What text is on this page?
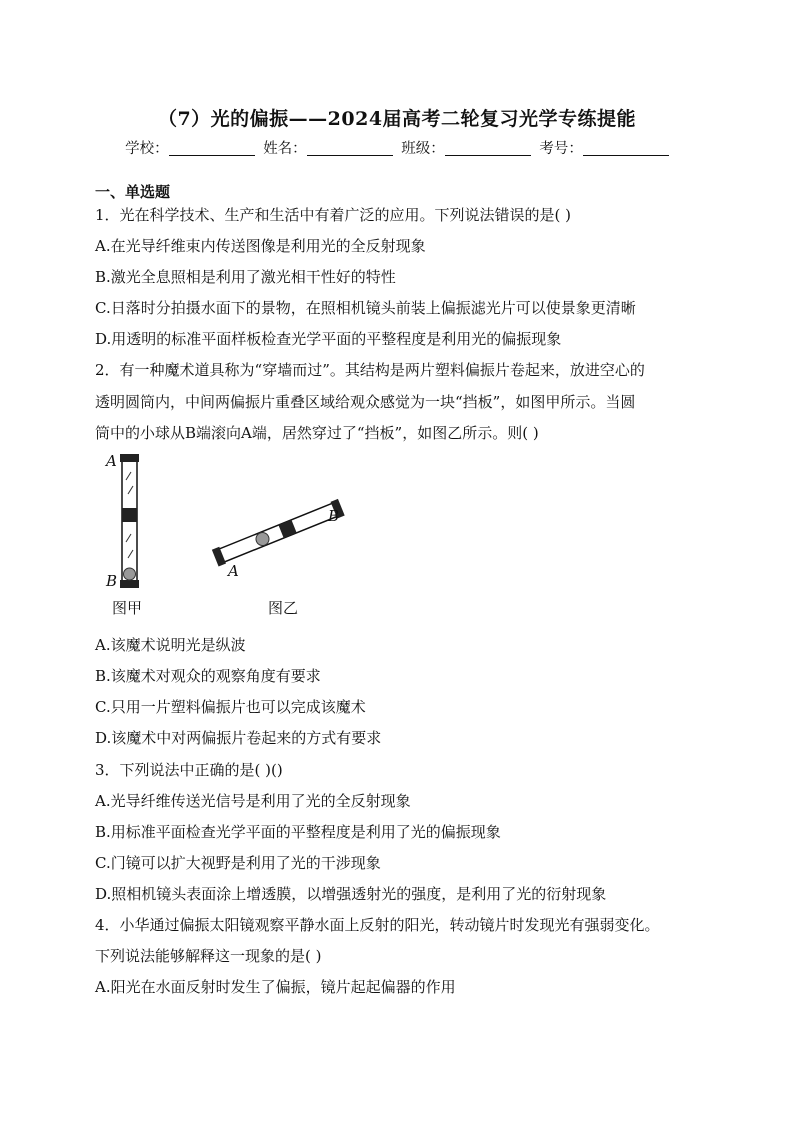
（7）光的偏振——2024届高考二轮复习光学专练提能
学校：	姓名：	班级：	考号：
一、单选题
1．光在科学技术、生产和生活中有着广泛的应用。下列说法错误的是( )
A.在光导纤维束内传送图像是利用光的全反射现象
B.激光全息照相是利用了激光相干性好的特性
C.日落时分拍摄水面下的景物，在照相机镜头前装上偏振滤光片可以使景象更清晰
D.用透明的标准平面样板检查光学平面的平整程度是利用光的偏振现象
2．有一种魔术道具称为“穿墙而过”。其结构是两片塑料偏振片卷起来，放进空心的
透明圆筒内，中间两偏振片重叠区域给观众感觉为一块“挡板”，如图甲所示。当圆
筒中的小球从B端滚向A端，居然穿过了“挡板”，如图乙所示。则( )
A
B
A
B
图甲	图乙
A.该魔术说明光是纵波
B.该魔术对观众的观察角度有要求
C.只用一片塑料偏振片也可以完成该魔术
D.该魔术中对两偏振片卷起来的方式有要求
3．下列说法中正确的是( )()
A.光导纤维传送光信号是利用了光的全反射现象
B.用标准平面检查光学平面的平整程度是利用了光的偏振现象
C.门镜可以扩大视野是利用了光的干涉现象
D.照相机镜头表面涂上增透膜，以增强透射光的强度，是利用了光的衍射现象
4．小华通过偏振太阳镜观察平静水面上反射的阳光，转动镜片时发现光有强弱变化。
下列说法能够解释这一现象的是( )
A.阳光在水面反射时发生了偏振，镜片起起偏器的作用
